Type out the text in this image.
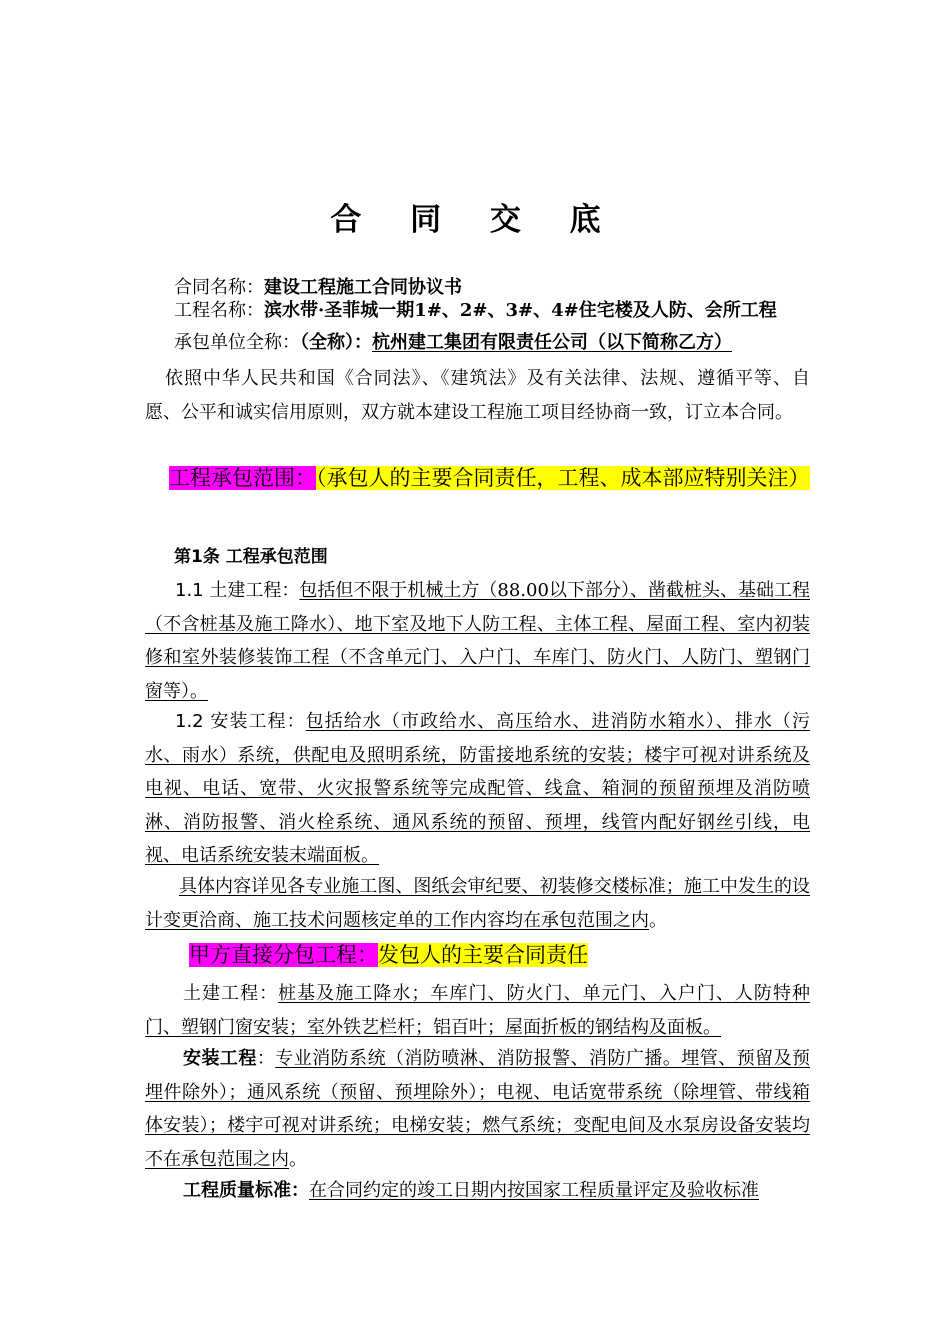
合 同 交 底
合同名称：建设工程施工合同协议书
工程名称：滨水带·圣菲城一期1#、2#、3#、4#住宅楼及人防、会所工程
承包单位全称：（全称）：杭州建工集团有限责任公司（以下简称乙方）
依照中华人民共和国《合同法》、《建筑法》及有关法律、法规、遵循平等、自愿、公平和诚实信用原则，双方就本建设工程施工项目经协商一致，订立本合同。
工程承包范围：（承包人的主要合同责任，工程、成本部应特别关注）
第1条 工程承包范围
1.1 土建工程：包括但不限于机械土方（88.00以下部分）、凿截桩头、基础工程（不含桩基及施工降水）、地下室及地下人防工程、主体工程、屋面工程、室内初装修和室外装修装饰工程（不含单元门、入户门、车库门、防火门、人防门、塑钢门窗等）。
1.2 安装工程：包括给水（市政给水、高压给水、进消防水箱水）、排水（污水、雨水）系统，供配电及照明系统，防雷接地系统的安装；楼宇可视对讲系统及电视、电话、宽带、火灾报警系统等完成配管、线盒、箱洞的预留预埋及消防喷淋、消防报警、消火栓系统、通风系统的预留、预埋，线管内配好钢丝引线，电视、电话系统安装末端面板。
具体内容详见各专业施工图、图纸会审纪要、初装修交楼标准；施工中发生的设计变更洽商、施工技术问题核定单的工作内容均在承包范围之内。
甲方直接分包工程：发包人的主要合同责任
土建工程：桩基及施工降水；车库门、防火门、单元门、入户门、人防特种门、塑钢门窗安装；室外铁艺栏杆；铝百叶；屋面折板的钢结构及面板。
安装工程：专业消防系统（消防喷淋、消防报警、消防广播。埋管、预留及预埋件除外）；通风系统（预留、预埋除外）；电视、电话宽带系统（除埋管、带线箱体安装）；楼宇可视对讲系统；电梯安装；燃气系统；变配电间及水泵房设备安装均不在承包范围之内。
工程质量标准：在合同约定的竣工日期内按国家工程质量评定及验收标准
